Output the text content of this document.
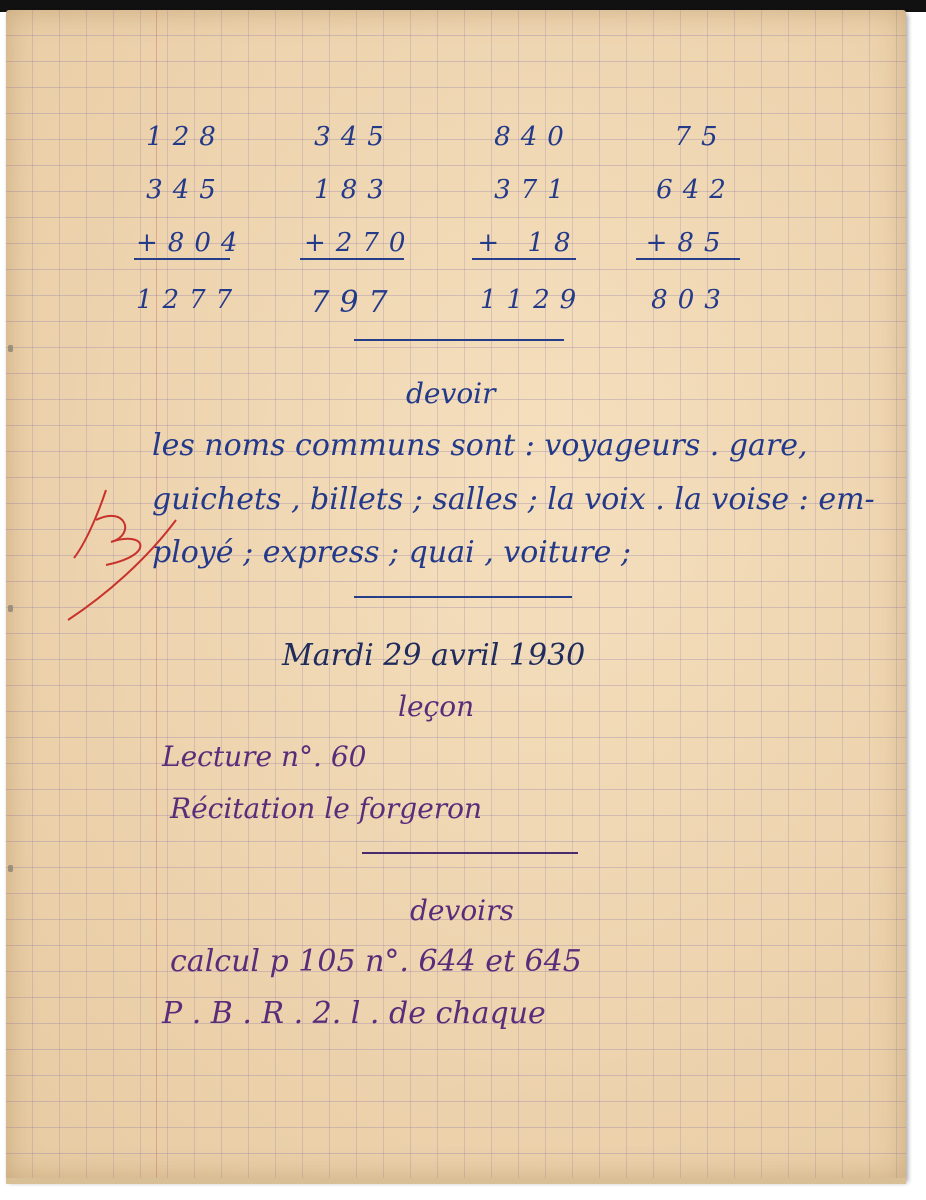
128
345
+804
1277
345
183
+270
797
840
371
+ 18
1129
75
642
+85
803
devoir
les noms communs sont : voyageurs . gare,
guichets , billets ; salles ; la voix . la voise : em-
ployé ; express ; quai , voiture ;
Mardi 29 avril 1930
leçon
Lecture n°. 60
Récitation le forgeron
devoirs
calcul p 105 n°. 644 et 645
P . B . R . 2. l . de chaque
